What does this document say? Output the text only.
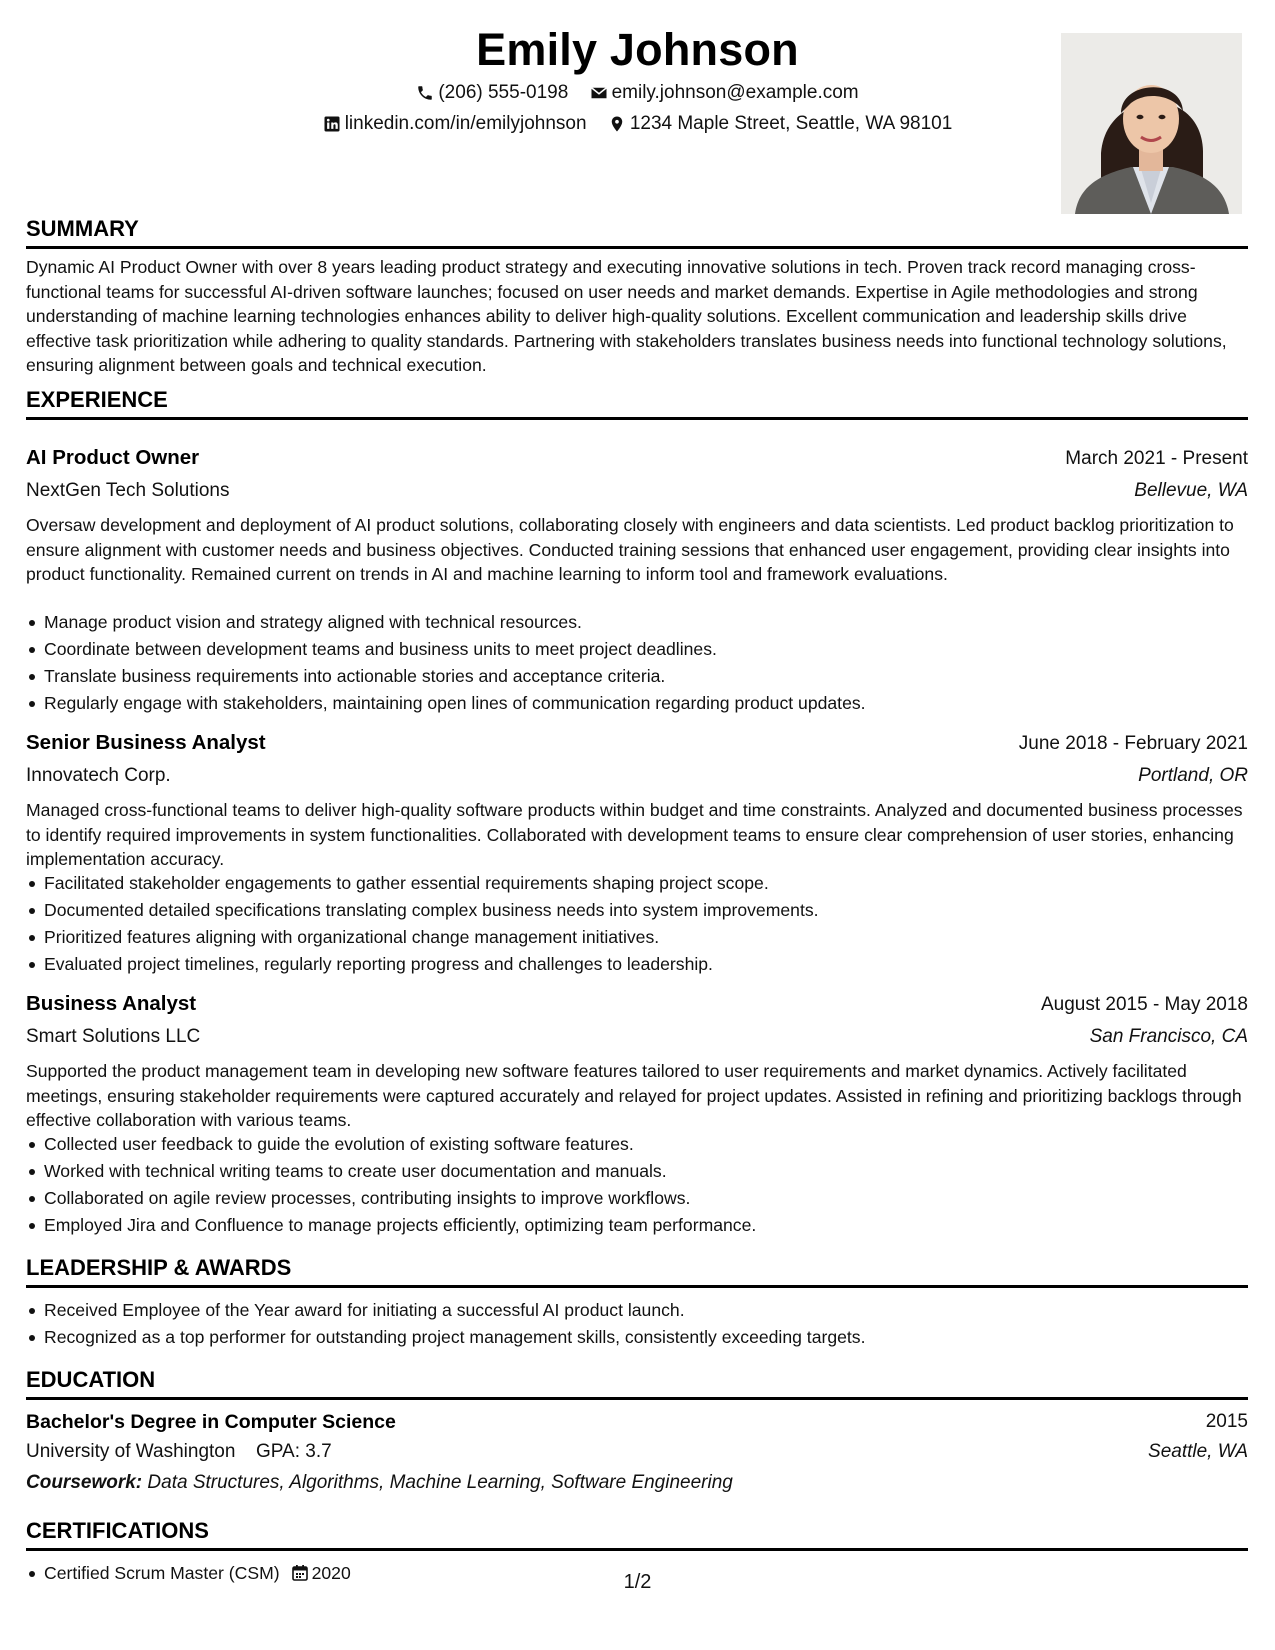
Emily Johnson
(206) 555-0198
emily.johnson@example.com
linkedin.com/in/emilyjohnson
1234 Maple Street, Seattle, WA 98101
SUMMARY
Dynamic AI Product Owner with over 8 years leading product strategy and executing innovative solutions in tech. Proven track record managing cross-functional teams for successful AI-driven software launches; focused on user needs and market demands. Expertise in Agile methodologies and strong understanding of machine learning technologies enhances ability to deliver high-quality solutions. Excellent communication and leadership skills drive effective task prioritization while adhering to quality standards. Partnering with stakeholders translates business needs into functional technology solutions, ensuring alignment between goals and technical execution.
EXPERIENCE
AI Product Owner	March 2021 - Present
NextGen Tech Solutions	Bellevue, WA
Oversaw development and deployment of AI product solutions, collaborating closely with engineers and data scientists. Led product backlog prioritization to ensure alignment with customer needs and business objectives. Conducted training sessions that enhanced user engagement, providing clear insights into product functionality. Remained current on trends in AI and machine learning to inform tool and framework evaluations.
Manage product vision and strategy aligned with technical resources.
Coordinate between development teams and business units to meet project deadlines.
Translate business requirements into actionable stories and acceptance criteria.
Regularly engage with stakeholders, maintaining open lines of communication regarding product updates.
Senior Business Analyst	June 2018 - February 2021
Innovatech Corp.	Portland, OR
Managed cross-functional teams to deliver high-quality software products within budget and time constraints. Analyzed and documented business processes to identify required improvements in system functionalities. Collaborated with development teams to ensure clear comprehension of user stories, enhancing implementation accuracy.
Facilitated stakeholder engagements to gather essential requirements shaping project scope.
Documented detailed specifications translating complex business needs into system improvements.
Prioritized features aligning with organizational change management initiatives.
Evaluated project timelines, regularly reporting progress and challenges to leadership.
Business Analyst	August 2015 - May 2018
Smart Solutions LLC	San Francisco, CA
Supported the product management team in developing new software features tailored to user requirements and market dynamics. Actively facilitated meetings, ensuring stakeholder requirements were captured accurately and relayed for project updates. Assisted in refining and prioritizing backlogs through effective collaboration with various teams.
Collected user feedback to guide the evolution of existing software features.
Worked with technical writing teams to create user documentation and manuals.
Collaborated on agile review processes, contributing insights to improve workflows.
Employed Jira and Confluence to manage projects efficiently, optimizing team performance.
LEADERSHIP & AWARDS
Received Employee of the Year award for initiating a successful AI product launch.
Recognized as a top performer for outstanding project management skills, consistently exceeding targets.
EDUCATION
Bachelor's Degree in Computer Science	2015
University of Washington GPA: 3.7	Seattle, WA
Coursework: Data Structures, Algorithms, Machine Learning, Software Engineering
CERTIFICATIONS
Certified Scrum Master (CSM) 2020	1/2
